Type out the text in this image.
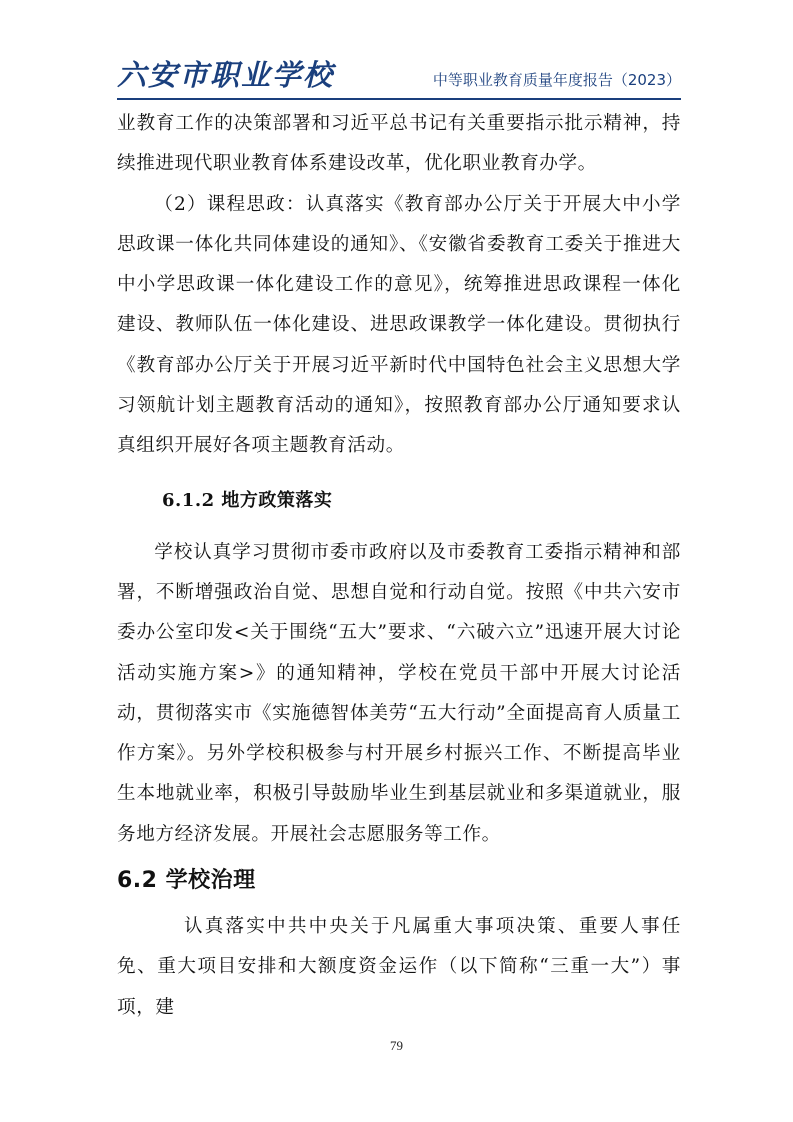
六安市职业学校	中等职业教育质量年度报告（2023）

业教育工作的决策部署和习近平总书记有关重要指示批示精神，持续推进现代职业教育体系建设改革，优化职业教育办学。

（2）课程思政：认真落实《教育部办公厅关于开展大中小学思政课一体化共同体建设的通知》、《安徽省委教育工委关于推进大中小学思政课一体化建设工作的意见》，统筹推进思政课程一体化建设、教师队伍一体化建设、进思政课教学一体化建设。贯彻执行《教育部办公厅关于开展习近平新时代中国特色社会主义思想大学习领航计划主题教育活动的通知》，按照教育部办公厅通知要求认真组织开展好各项主题教育活动。

6.1.2 地方政策落实

学校认真学习贯彻市委市政府以及市委教育工委指示精神和部署，不断增强政治自觉、思想自觉和行动自觉。按照《中共六安市委办公室印发<关于围绕“五大”要求、“六破六立”迅速开展大讨论活动实施方案>》的通知精神，学校在党员干部中开展大讨论活动，贯彻落实市《实施德智体美劳“五大行动”全面提高育人质量工作方案》。另外学校积极参与村开展乡村振兴工作、不断提高毕业生本地就业率，积极引导鼓励毕业生到基层就业和多渠道就业，服务地方经济发展。开展社会志愿服务等工作。

6.2 学校治理

认真落实中共中央关于凡属重大事项决策、重要人事任免、重大项目安排和大额度资金运作（以下简称“三重一大”）事项，建

79
